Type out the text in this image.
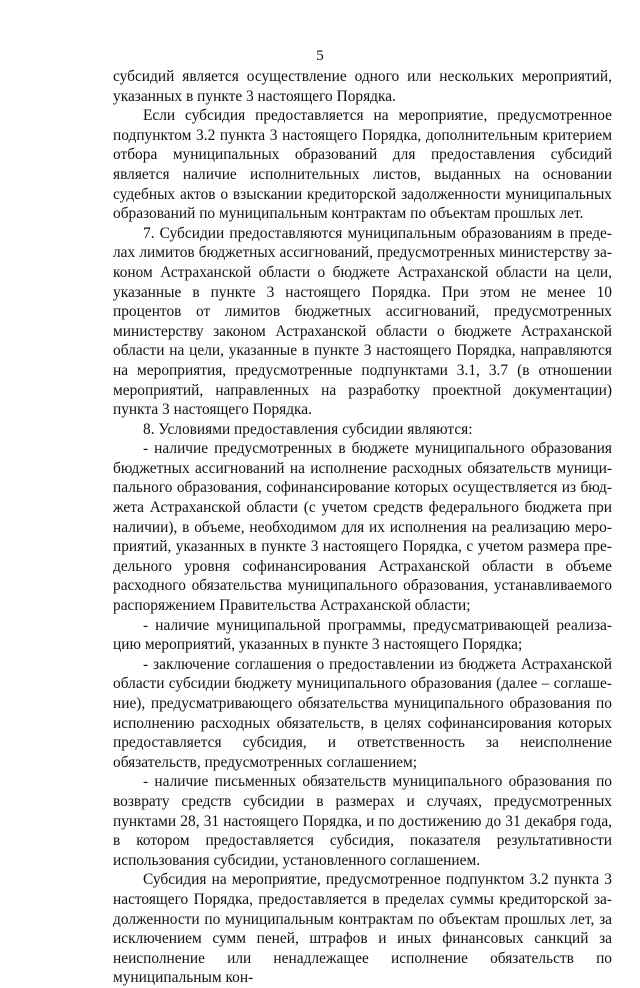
5

субсидий является осуществление одного или нескольких мероприятий, указанных в пункте 3 настоящего Порядка.

Если субсидия предоставляется на мероприятие, предусмотренное подпунктом 3.2 пункта 3 настоящего Порядка, дополнительным критерием отбора муниципальных образований для предоставления субсидий является наличие исполнительных листов, выданных на основании судебных актов о взыскании кредиторской задолженности муниципальных образований по муниципальным контрактам по объектам прошлых лет.

7. Субсидии предоставляются муниципальным образованиям в пределах лимитов бюджетных ассигнований, предусмотренных министерству законом Астраханской области о бюджете Астраханской области на цели, указанные в пункте 3 настоящего Порядка. При этом не менее 10 процентов от лимитов бюджетных ассигнований, предусмотренных министерству законом Астраханской области о бюджете Астраханской области на цели, указанные в пункте 3 настоящего Порядка, направляются на мероприятия, предусмотренные подпунктами 3.1, 3.7 (в отношении мероприятий, направленных на разработку проектной документации) пункта 3 настоящего Порядка.

8. Условиями предоставления субсидии являются:

- наличие предусмотренных в бюджете муниципального образования бюджетных ассигнований на исполнение расходных обязательств муниципального образования, софинансирование которых осуществляется из бюджета Астраханской области (с учетом средств федерального бюджета при наличии), в объеме, необходимом для их исполнения на реализацию мероприятий, указанных в пункте 3 настоящего Порядка, с учетом размера предельного уровня софинансирования Астраханской области в объеме расходного обязательства муниципального образования, устанавливаемого распоряжением Правительства Астраханской области;

- наличие муниципальной программы, предусматривающей реализацию мероприятий, указанных в пункте 3 настоящего Порядка;

- заключение соглашения о предоставлении из бюджета Астраханской области субсидии бюджету муниципального образования (далее – соглашение), предусматривающего обязательства муниципального образования по исполнению расходных обязательств, в целях софинансирования которых предоставляется субсидия, и ответственность за неисполнение обязательств, предусмотренных соглашением;

- наличие письменных обязательств муниципального образования по возврату средств субсидии в размерах и случаях, предусмотренных пунктами 28, 31 настоящего Порядка, и по достижению до 31 декабря года, в котором предоставляется субсидия, показателя результативности использования субсидии, установленного соглашением.

Субсидия на мероприятие, предусмотренное подпунктом 3.2 пункта 3 настоящего Порядка, предоставляется в пределах суммы кредиторской задолженности по муниципальным контрактам по объектам прошлых лет, за исключением сумм пеней, штрафов и иных финансовых санкций за неисполнение или ненадлежащее исполнение обязательств по муниципальным кон-
